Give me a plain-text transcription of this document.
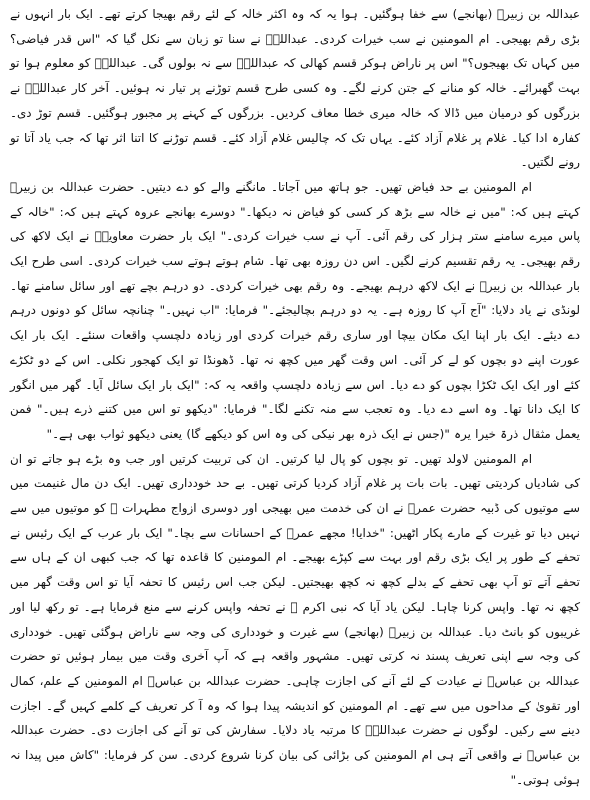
عبداللہ بن زبیرؓ (بھانجے) سے خفا ہوگئیں۔ ہوا یہ کہ وہ اکثر خالہ کے لئے رقم بھیجا کرتے تھے۔ ایک بار انہوں نے بڑی رقم بھیجی۔ ام المومنین نے سب خیرات کردی۔ عبداللہؓ نے سنا تو زبان سے نکل گیا کہ "اس قدر فیاضی؟ میں کہاں تک بھیجوں؟" اس پر ناراض ہوکر قسم کھالی کہ عبداللہؓ سے نہ بولوں گی۔ عبداللہؓ کو معلوم ہوا تو بہت گھبرائے۔ خالہ کو منانے کے جتن کرنے لگے۔ وہ کسی طرح قسم توڑنے پر تیار نہ ہوئیں۔ آخر کار عبداللہؓ نے بزرگوں کو درمیان میں ڈالا کہ خالہ میری خطا معاف کردیں۔ بزرگوں کے کہنے پر مجبور ہوگئیں۔ قسم توڑ دی۔ کفارہ ادا کیا۔ غلام پر غلام آزاد کئے۔ یہاں تک کہ چالیس غلام آزاد کئے۔ قسم توڑنے کا اتنا اثر تھا کہ جب یاد آتا تو رونے لگتیں۔

ام المومنین بے حد فیاض تھیں۔ جو ہاتھ میں آجاتا۔ مانگنے والے کو دے دیتیں۔ حضرت عبداللہ بن زبیرؓ کہتے ہیں کہ: "میں نے خالہ سے بڑھ کر کسی کو فیاض نہ دیکھا۔" دوسرے بھانجے عروہ کہتے ہیں کہ: "خالہ کے پاس میرے سامنے ستر ہزار کی رقم آئی۔ آپ نے سب خیرات کردی۔" ایک بار حضرت معاویہؓ نے ایک لاکھ کی رقم بھیجی۔ یہ رقم تقسیم کرنے لگیں۔ اس دن روزہ بھی تھا۔ شام ہوتے ہوتے سب خیرات کردی۔ اسی طرح ایک بار عبداللہ بن زبیرؓ نے ایک لاکھ درہم بھیجے۔ وہ رقم بھی خیرات کردی۔ دو درہم بچے تھے اور سائل سامنے تھا۔ لونڈی نے یاد دلایا: "آج آپ کا روزہ ہے۔ یہ دو درہم بچالیجئے۔" فرمایا: "اب نہیں۔" چنانچہ سائل کو دونوں درہم دے دیئے۔ ایک بار اپنا ایک مکان بیچا اور ساری رقم خیرات کردی اور زیادہ دلچسپ واقعات سنئے۔ ایک بار ایک عورت اپنے دو بچوں کو لے کر آئی۔ اس وقت گھر میں کچھ نہ تھا۔ ڈھونڈا تو ایک کھجور نکلی۔ اس کے دو ٹکڑے کئے اور ایک ایک ٹکڑا بچوں کو دے دیا۔ اس سے زیادہ دلچسپ واقعہ یہ کہ: "ایک بار ایک سائل آیا۔ گھر میں انگور کا ایک دانا تھا۔ وہ اسے دے دیا۔ وہ تعجب سے منہ تکنے لگا۔" فرمایا: "دیکھو تو اس میں کتنے ذرے ہیں۔" فمن یعمل مثقال ذرۃ خیرا یرہ "(جس نے ایک ذرہ بھر نیکی کی وہ اس کو دیکھے گا) یعنی دیکھو ثواب بھی ہے۔"

ام المومنین لاولد تھیں۔ تو بچوں کو پال لیا کرتیں۔ ان کی تربیت کرتیں اور جب وہ بڑے ہو جاتے تو ان کی شادیاں کردیتی تھیں۔ بات بات پر غلام آزاد کردیا کرتی تھیں۔ بے حد خودداری تھیں۔ ایک دن مال غنیمت میں سے موتیوں کی ڈبیہ حضرت عمرؓ نے ان کی خدمت میں بھیجی اور دوسری ازواج مطہرات ؓ کو موتیوں میں سے نہیں دیا تو غیرت کے مارے پکار اٹھیں: "خدایا! مجھے عمرؓ کے احسانات سے بچا۔" ایک بار عرب کے ایک رئیس نے تحفے کے طور پر ایک بڑی رقم اور بہت سے کپڑے بھیجے۔ ام المومنین کا قاعدہ تھا کہ جب کبھی ان کے ہاں سے تحفے آتے تو آپ بھی تحفے کے بدلے کچھ نہ کچھ بھیجتیں۔ لیکن جب اس رئیس کا تحفہ آیا تو اس وقت گھر میں کچھ نہ تھا۔ واپس کرنا چاہا۔ لیکن یاد آیا کہ نبی اکرم ﷺ نے تحفہ واپس کرنے سے منع فرمایا ہے۔ تو رکھ لیا اور غریبوں کو بانٹ دیا۔ عبداللہ بن زبیرؓ (بھانجے) سے غیرت و خودداری کی وجہ سے ناراض ہوگئی تھیں۔ خودداری کی وجہ سے اپنی تعریف پسند نہ کرتی تھیں۔ مشہور واقعہ ہے کہ آپ آخری وقت میں بیمار ہوئیں تو حضرت عبداللہ بن عباسؓ نے عیادت کے لئے آنے کی اجازت چاہی۔ حضرت عبداللہ بن عباسؓ ام المومنین کے علم، کمال اور تقویٰ کے مداحوں میں سے تھے۔ ام المومنین کو اندیشہ پیدا ہوا کہ وہ آ کر تعریف کے کلمے کہیں گے۔ اجازت دینے سے رکیں۔ لوگوں نے حضرت عبداللہؓ کا مرتبہ یاد دلایا۔ سفارش کی تو آنے کی اجازت دی۔ حضرت عبداللہ بن عباسؓ نے واقعی آتے ہی ام المومنین کی بڑائی کی بیان کرنا شروع کردی۔ سن کر فرمایا: "کاش میں پیدا نہ ہوئی ہوتی۔"
